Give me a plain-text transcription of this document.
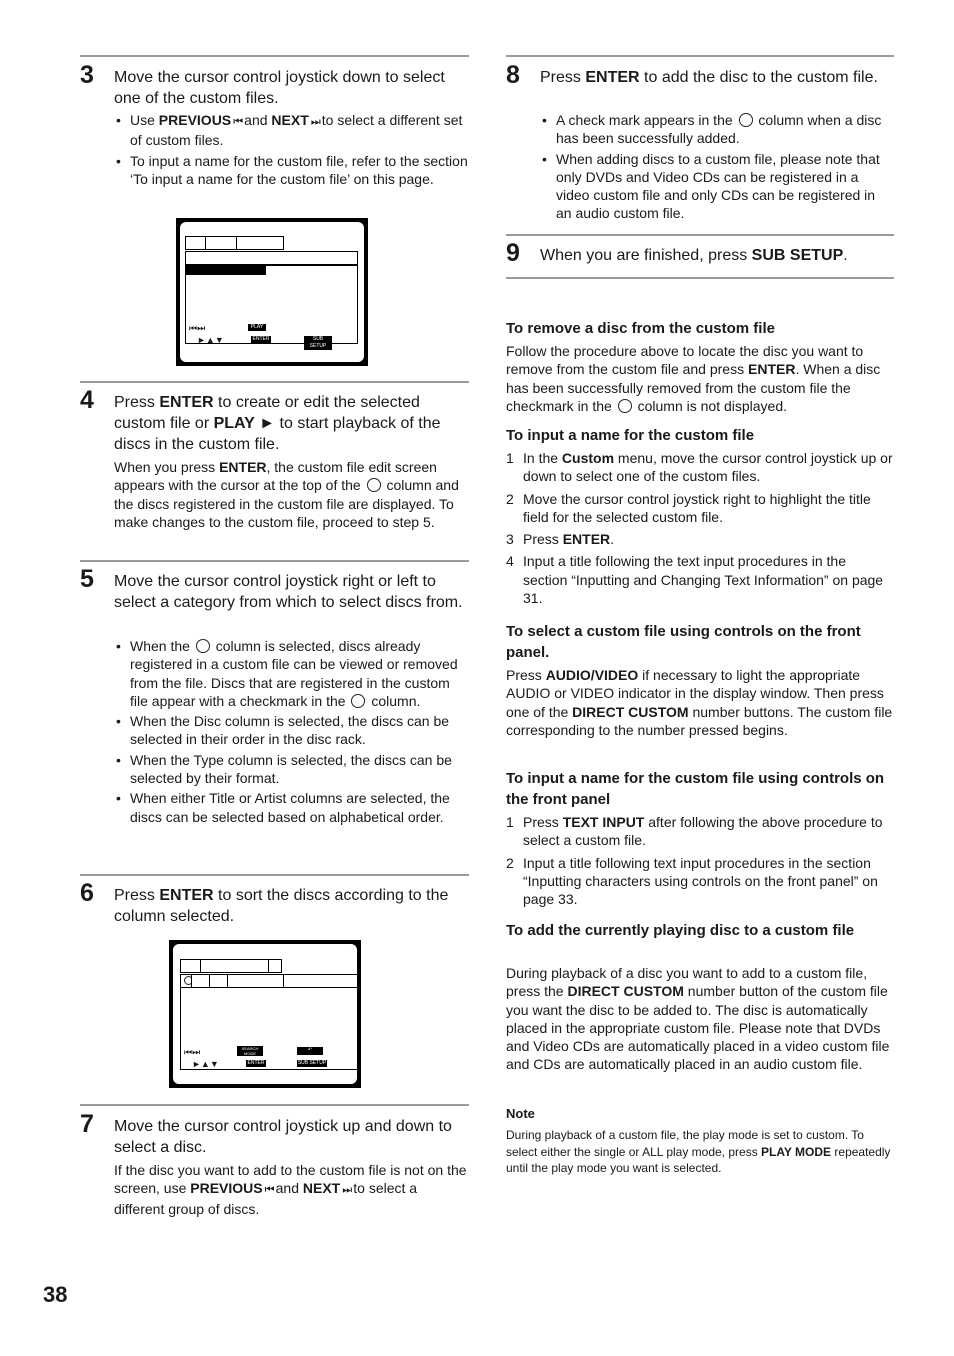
3 Move the cursor control joystick down to select one of the custom files.

• Use PREVIOUS ⏮ and NEXT ⏭ to select a different set of custom files.

• To input a name for the custom file, refer to the section ‘To input a name for the custom file’ on this page.

⏮⏭
►▲▼
PLAY
ENTER	SUB SETUP
4 Press ENTER to create or edit the selected custom file or PLAY ► to start playback of the discs in the custom file.

When you press ENTER, the custom file edit screen appears with the cursor at the top of the  column and the discs registered in the custom file are displayed. To make changes to the custom file, proceed to step 5.

5 Move the cursor control joystick right or left to select a category from which to select discs from.

• When the  column is selected, discs already registered in a custom file can be viewed or removed from the file. Discs that are registered in the custom file appear with a checkmark in the  column.

• When the Disc column is selected, the discs can be selected in their order in the disc rack.

• When the Type column is selected, the discs can be selected by their format.

• When either Title or Artist columns are selected, the discs can be selected based on alphabetical order.

6 Press ENTER to sort the discs according to the column selected.

⏮⏭
►▲▼
SEARCH
MODE
ENTER
↶
SUB SETUP
7 Move the cursor control joystick up and down to select a disc.

If the disc you want to add to the custom file is not on the screen, use PREVIOUS ⏮ and NEXT ⏭ to select a different group of discs.

8 Press ENTER to add the disc to the custom file.

• A check mark appears in the  column when a disc has been successfully added.

• When adding discs to a custom file, please note that only DVDs and Video CDs can be registered in a video custom file and only CDs can be registered in an audio custom file.

9 When you are finished, press SUB SETUP.

To remove a disc from the custom file

Follow the procedure above to locate the disc you want to remove from the custom file and press ENTER. When a disc has been successfully removed from the custom file the checkmark in the  column is not displayed.

To input a name for the custom file
1 In the Custom menu, move the cursor control joystick up or down to select one of the custom files.
2 Move the cursor control joystick right to highlight the title field for the selected custom file.
3 Press ENTER.
4 Input a title following the text input procedures in the section “Inputting and Changing Text Information” on page 31.
To select a custom file using controls on the front panel.

Press AUDIO/VIDEO if necessary to light the appropriate AUDIO or VIDEO indicator in the display window. Then press one of the DIRECT CUSTOM number buttons. The custom file corresponding to the number pressed begins.

To input a name for the custom file using controls on the front panel
1 Press TEXT INPUT after following the above procedure to select a custom file.
2 Input a title following text input procedures in the section “Inputting characters using controls on the front panel” on page 33.
To add the currently playing disc to a custom file

During playback of a disc you want to add to a custom file, press the DIRECT CUSTOM number button of the custom file you want the disc to be added to. The disc is automatically placed in the appropriate custom file. Please note that DVDs and Video CDs are automatically placed in a video custom file and CDs are automatically placed in an audio custom file.

Note

During playback of a custom file, the play mode is set to custom. To select either the single or ALL play mode, press PLAY MODE repeatedly until the play mode you want is selected.

38
